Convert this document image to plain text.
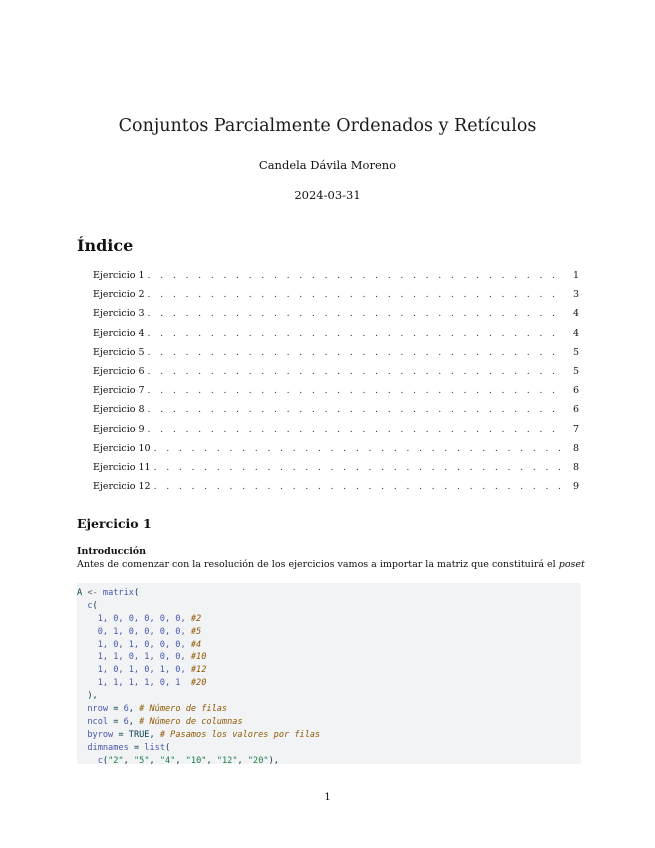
Conjuntos Parcialmente Ordenados y Retículos
Candela Dávila Moreno
2024-03-31
Índice
Ejercicio 1 . . .	1
Ejercicio 2 . . .	3
Ejercicio 3 . . .	4
Ejercicio 4 . . .	4
Ejercicio 5 . . .	5
Ejercicio 6 . . .	5
Ejercicio 7 . . .	6
Ejercicio 8 . . .	6
Ejercicio 9 . . .	7
Ejercicio 10 . . .	8
Ejercicio 11 . . .	8
Ejercicio 12 . . .	9
Ejercicio 1
Introducción
Antes de comenzar con la resolución de los ejercicios vamos a importar la matriz que constituirá el poset
A <- matrix(
c(
1, 0, 0, 0, 0, 0, #2
0, 1, 0, 0, 0, 0, #5
1, 0, 1, 0, 0, 0, #4
1, 1, 0, 1, 0, 0, #10
1, 0, 1, 0, 1, 0, #12
1, 1, 1, 1, 0, 1  #20
),
nrow = 6, # Número de filas
ncol = 6, # Número de columnas
byrow = TRUE, # Pasamos los valores por filas
dimnames = list(
c("2", "5", "4", "10", "12", "20"),
1
